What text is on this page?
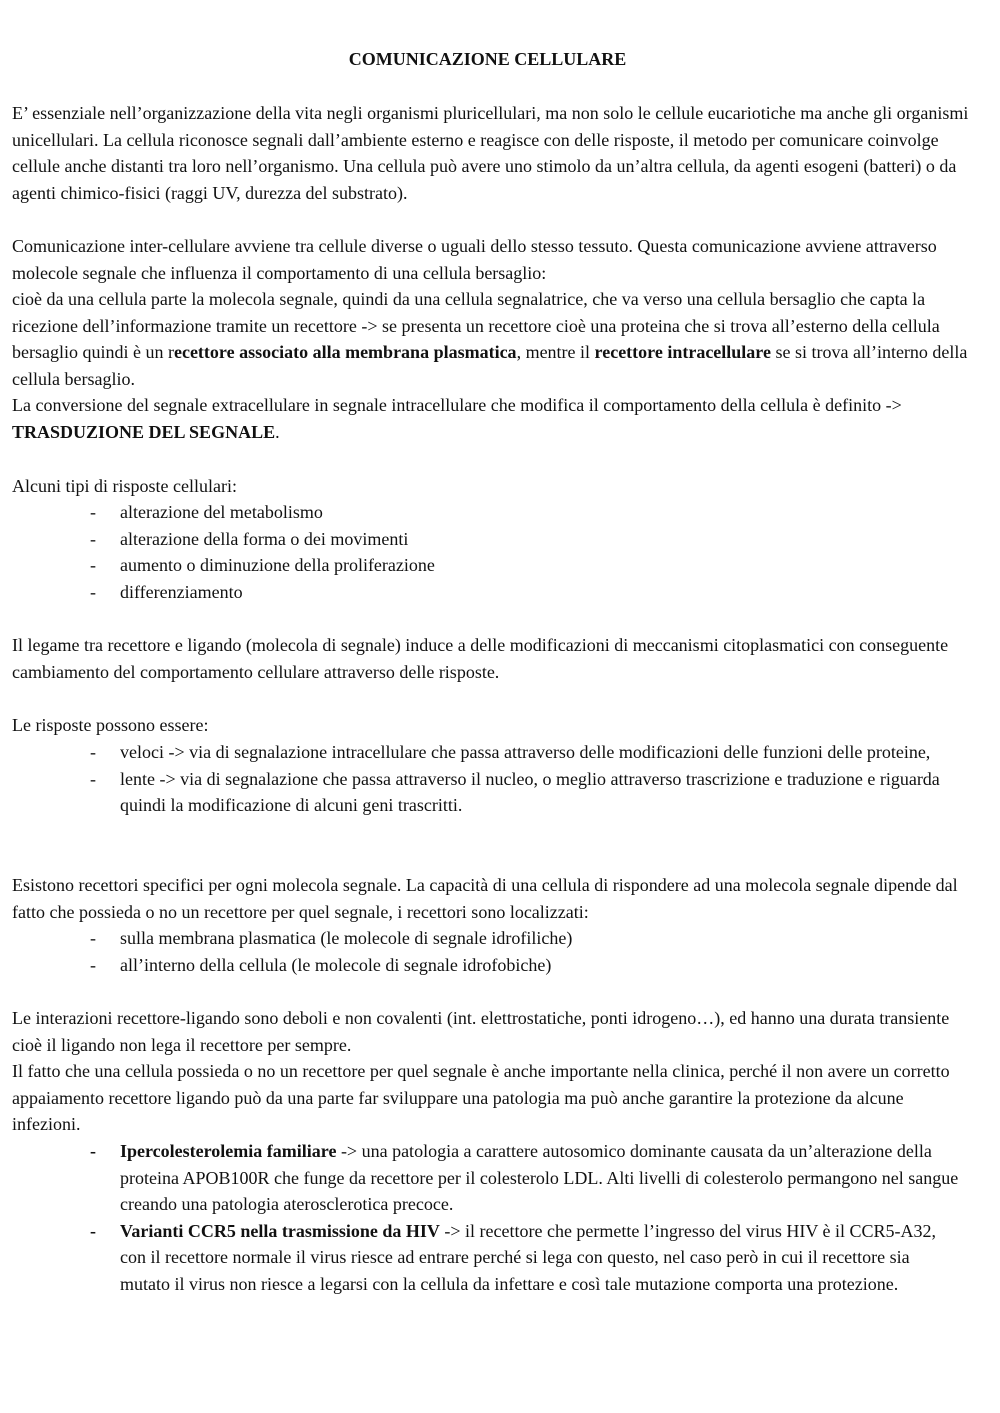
COMUNICAZIONE CELLULARE

E’ essenziale nell’organizzazione della vita negli organismi pluricellulari, ma non solo le cellule eucariotiche ma anche gli organismi unicellulari. La cellula riconosce segnali dall’ambiente esterno e reagisce con delle risposte, il metodo per comunicare coinvolge cellule anche distanti tra loro nell’organismo. Una cellula può avere uno stimolo da un’altra cellula, da agenti esogeni (batteri) o da agenti chimico-fisici (raggi UV, durezza del substrato).

Comunicazione inter-cellulare avviene tra cellule diverse o uguali dello stesso tessuto. Questa comunicazione avviene attraverso molecole segnale che influenza il comportamento di una cellula bersaglio:

cioè da una cellula parte la molecola segnale, quindi da una cellula segnalatrice, che va verso una cellula bersaglio che capta la ricezione dell’informazione tramite un recettore -> se presenta un recettore cioè una proteina che si trova all’esterno della cellula bersaglio quindi è un recettore associato alla membrana plasmatica, mentre il recettore intracellulare se si trova all’interno della cellula bersaglio.

La conversione del segnale extracellulare in segnale intracellulare che modifica il comportamento della cellula è definito -> TRASDUZIONE DEL SEGNALE.

Alcuni tipi di risposte cellulari:

- alterazione del metabolismo
- alterazione della forma o dei movimenti
- aumento o diminuzione della proliferazione
- differenziamento

Il legame tra recettore e ligando (molecola di segnale) induce a delle modificazioni di meccanismi citoplasmatici con conseguente cambiamento del comportamento cellulare attraverso delle risposte.

Le risposte possono essere:

- veloci -> via di segnalazione intracellulare che passa attraverso delle modificazioni delle funzioni delle proteine,
- lente -> via di segnalazione che passa attraverso il nucleo, o meglio attraverso trascrizione e traduzione e riguarda quindi la modificazione di alcuni geni trascritti.

Esistono recettori specifici per ogni molecola segnale. La capacità di una cellula di rispondere ad una molecola segnale dipende dal fatto che possieda o no un recettore per quel segnale, i recettori sono localizzati:

- sulla membrana plasmatica (le molecole di segnale idrofiliche)
- all’interno della cellula (le molecole di segnale idrofobiche)

Le interazioni recettore-ligando sono deboli e non covalenti (int. elettrostatiche, ponti idrogeno…), ed hanno una durata transiente cioè il ligando non lega il recettore per sempre.

Il fatto che una cellula possieda o no un recettore per quel segnale è anche importante nella clinica, perché il non avere un corretto appaiamento recettore ligando può da una parte far sviluppare una patologia ma può anche garantire la protezione da alcune infezioni.

- Ipercolesterolemia familiare -> una patologia a carattere autosomico dominante causata da un’alterazione della proteina APOB100R che funge da recettore per il colesterolo LDL. Alti livelli di colesterolo permangono nel sangue creando una patologia aterosclerotica precoce.
- Varianti CCR5 nella trasmissione da HIV -> il recettore che permette l’ingresso del virus HIV è il CCR5-A32, con il recettore normale il virus riesce ad entrare perché si lega con questo, nel caso però in cui il recettore sia mutato il virus non riesce a legarsi con la cellula da infettare e così tale mutazione comporta una protezione.
